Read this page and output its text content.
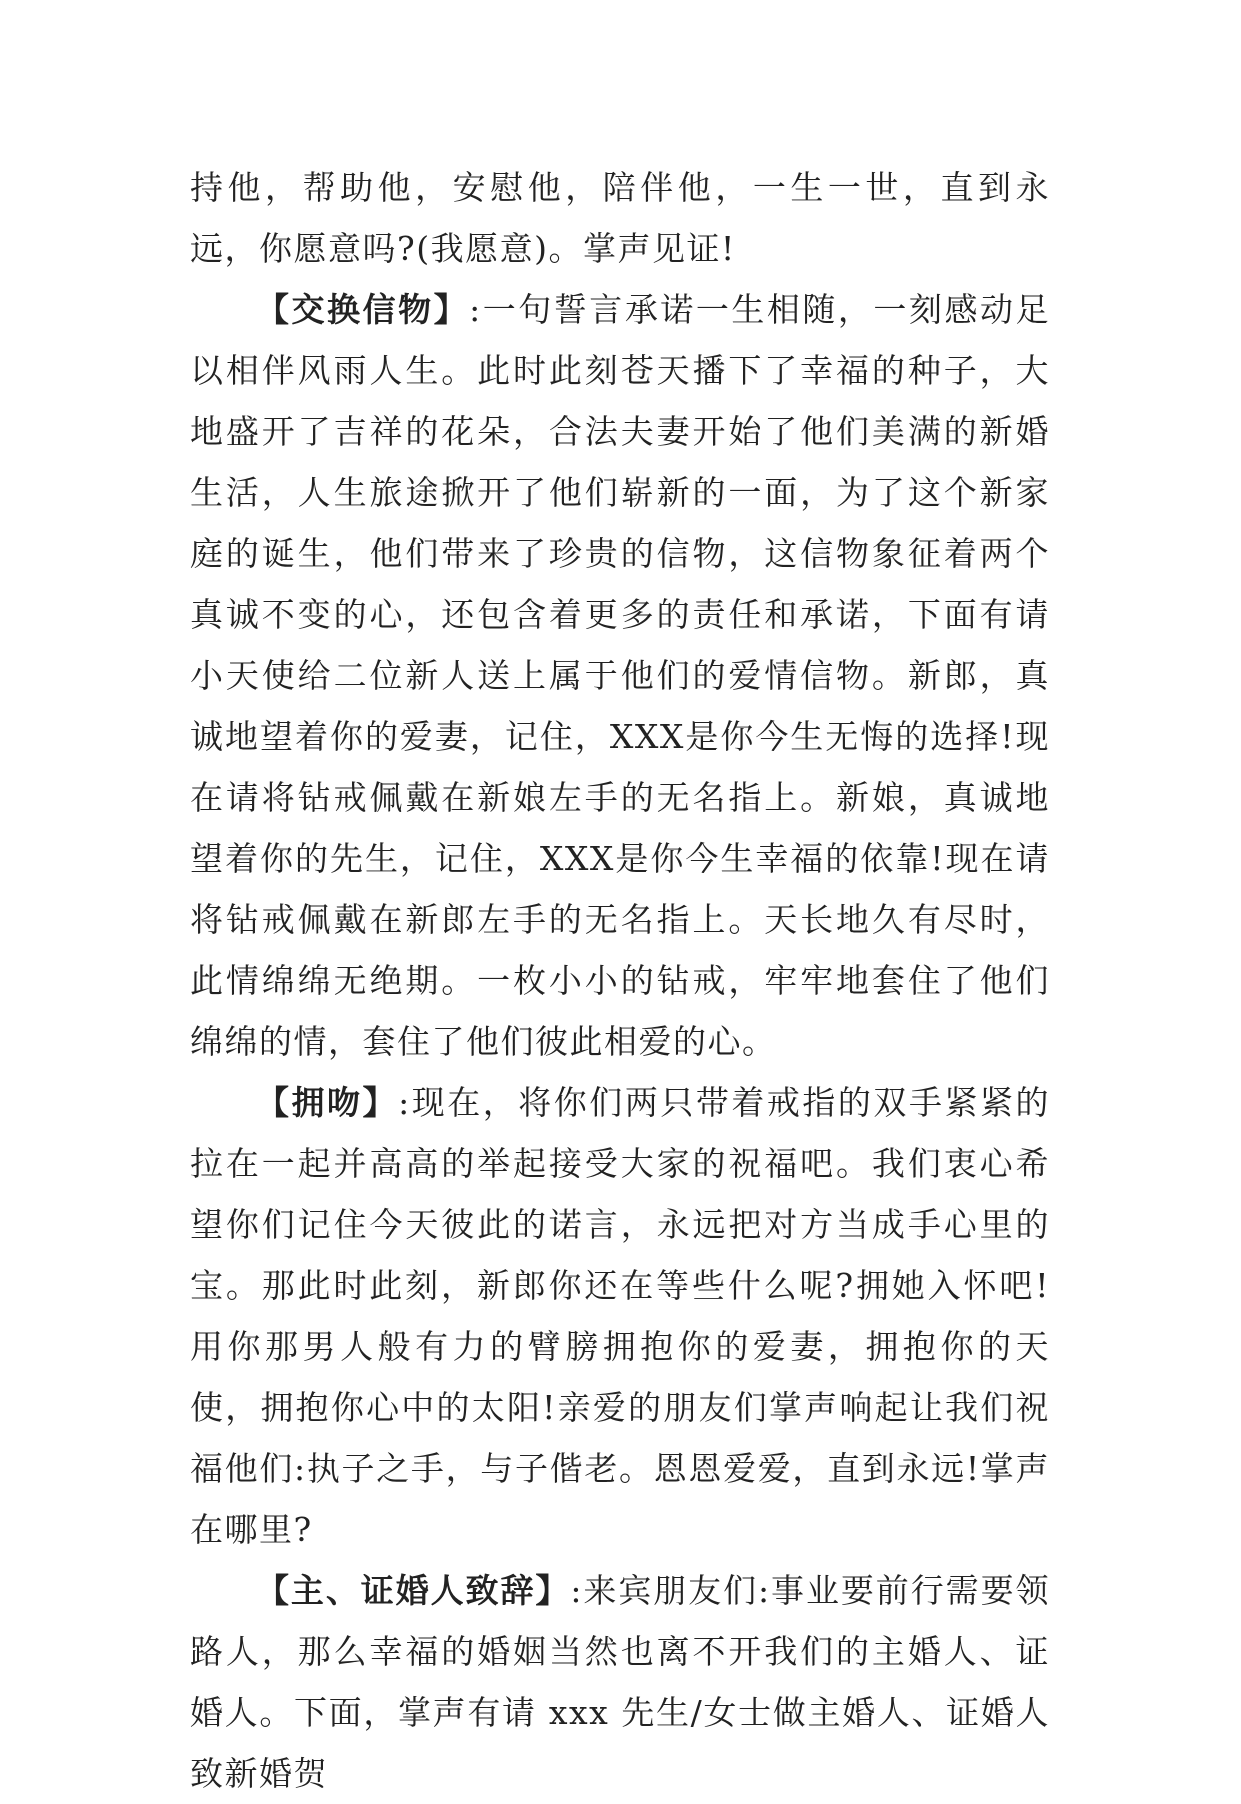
持他，帮助他，安慰他，陪伴他，一生一世，直到永远，你愿意吗?(我愿意)。掌声见证!

【交换信物】:一句誓言承诺一生相随，一刻感动足以相伴风雨人生。此时此刻苍天播下了幸福的种子，大地盛开了吉祥的花朵，合法夫妻开始了他们美满的新婚生活，人生旅途掀开了他们崭新的一面，为了这个新家庭的诞生，他们带来了珍贵的信物，这信物象征着两个真诚不变的心，还包含着更多的责任和承诺，下面有请小天使给二位新人送上属于他们的爱情信物。新郎，真诚地望着你的爱妻，记住，XXX是你今生无悔的选择!现在请将钻戒佩戴在新娘左手的无名指上。新娘，真诚地望着你的先生，记住，XXX是你今生幸福的依靠!现在请将钻戒佩戴在新郎左手的无名指上。天长地久有尽时，此情绵绵无绝期。一枚小小的钻戒，牢牢地套住了他们绵绵的情，套住了他们彼此相爱的心。

【拥吻】:现在，将你们两只带着戒指的双手紧紧的拉在一起并高高的举起接受大家的祝福吧。我们衷心希望你们记住今天彼此的诺言，永远把对方当成手心里的宝。那此时此刻，新郎你还在等些什么呢?拥她入怀吧!用你那男人般有力的臂膀拥抱你的爱妻，拥抱你的天使，拥抱你心中的太阳!亲爱的朋友们掌声响起让我们祝福他们:执子之手，与子偕老。恩恩爱爱，直到永远!掌声在哪里?

【主、证婚人致辞】:来宾朋友们:事业要前行需要领路人，那么幸福的婚姻当然也离不开我们的主婚人、证婚人。下面，掌声有请 xxx 先生/女士做主婚人、证婚人致新婚贺
